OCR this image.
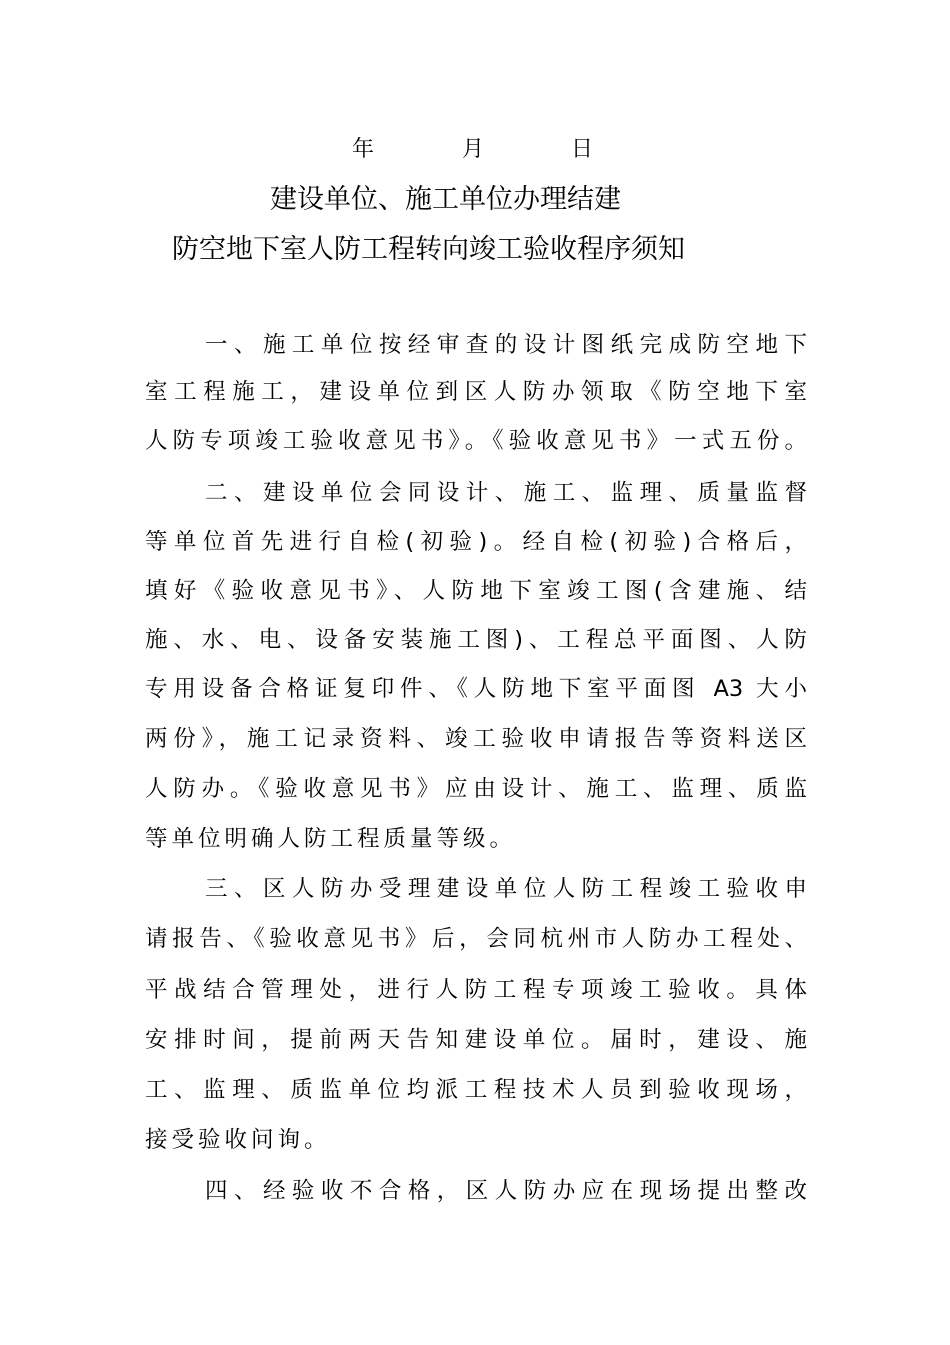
年	月	日
建设单位、施工单位办理结建
防空地下室人防工程转向竣工验收程序须知
一、施工单位按经审查的设计图纸完成防空地下
室工程施工，建设单位到区人防办领取《防空地下室
人防专项竣工验收意见书》。《验收意见书》一式五份。
二、建设单位会同设计、施工、监理、质量监督
等单位首先进行自检(初验)。经自检(初验)合格后，
填好《验收意见书》、人防地下室竣工图(含建施、结
施、水、电、设备安装施工图)、工程总平面图、人防
专用设备合格证复印件、《人防地下室平面图 A3 大小
两份》，施工记录资料、竣工验收申请报告等资料送区
人防办。《验收意见书》应由设计、施工、监理、质监
等单位明确人防工程质量等级。
三、区人防办受理建设单位人防工程竣工验收申
请报告、《验收意见书》后，会同杭州市人防办工程处、
平战结合管理处，进行人防工程专项竣工验收。具体
安排时间，提前两天告知建设单位。届时，建设、施
工、监理、质监单位均派工程技术人员到验收现场，
接受验收问询。
四、经验收不合格，区人防办应在现场提出整改
